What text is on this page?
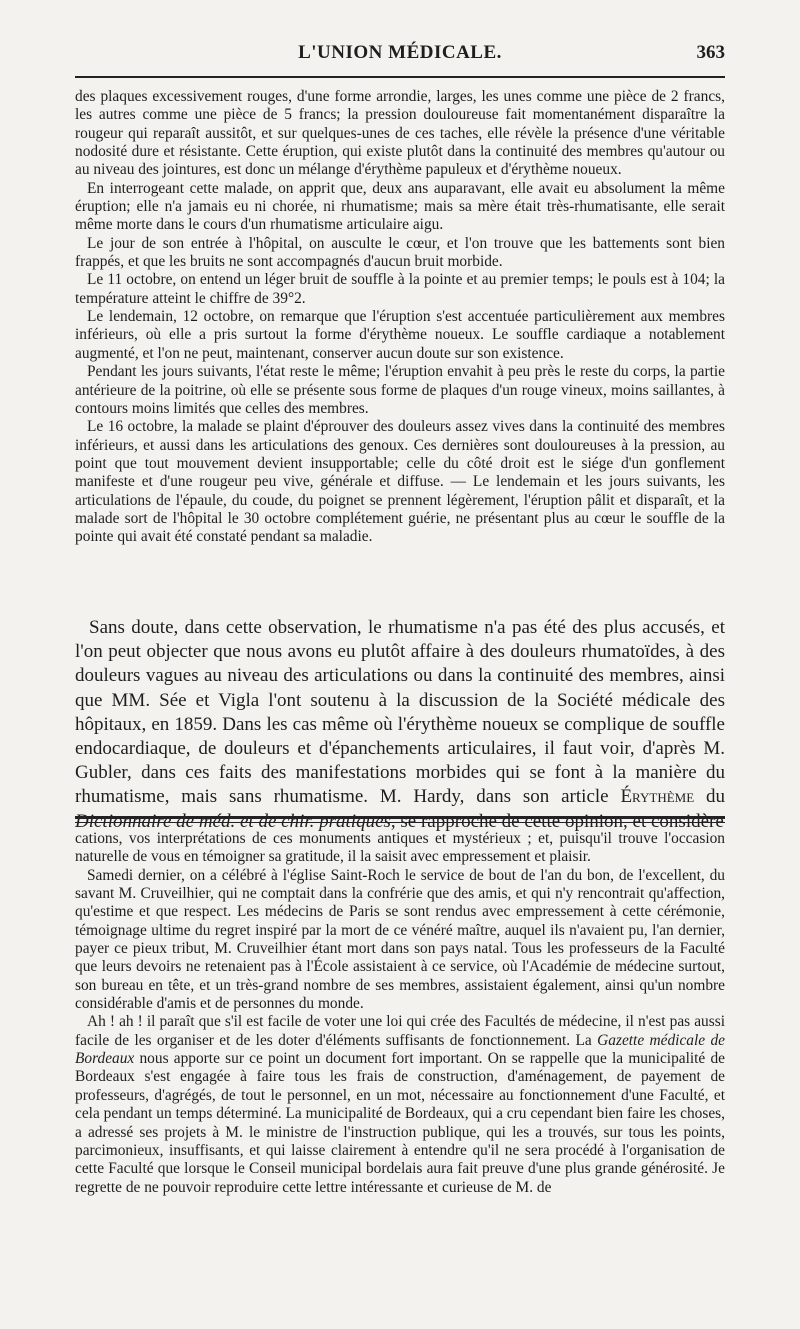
L'UNION MÉDICALE.	363

des plaques excessivement rouges, d'une forme arrondie, larges, les unes comme une pièce de 2 francs, les autres comme une pièce de 5 francs; la pression douloureuse fait momentanément disparaître la rougeur qui reparaît aussitôt, et sur quelques-unes de ces taches, elle révèle la présence d'une véritable nodosité dure et résistante. Cette éruption, qui existe plutôt dans la continuité des membres qu'autour ou au niveau des jointures, est donc un mélange d'érythème papuleux et d'érythème noueux.

En interrogeant cette malade, on apprit que, deux ans auparavant, elle avait eu absolument la même éruption; elle n'a jamais eu ni chorée, ni rhumatisme; mais sa mère était très-rhumatisante, elle serait même morte dans le cours d'un rhumatisme articulaire aigu.

Le jour de son entrée à l'hôpital, on ausculte le cœur, et l'on trouve que les battements sont bien frappés, et que les bruits ne sont accompagnés d'aucun bruit morbide.

Le 11 octobre, on entend un léger bruit de souffle à la pointe et au premier temps; le pouls est à 104; la température atteint le chiffre de 39°2.

Le lendemain, 12 octobre, on remarque que l'éruption s'est accentuée particulièrement aux membres inférieurs, où elle a pris surtout la forme d'érythème noueux. Le souffle cardiaque a notablement augmenté, et l'on ne peut, maintenant, conserver aucun doute sur son existence.

Pendant les jours suivants, l'état reste le même; l'éruption envahit à peu près le reste du corps, la partie antérieure de la poitrine, où elle se présente sous forme de plaques d'un rouge vineux, moins saillantes, à contours moins limités que celles des membres.

Le 16 octobre, la malade se plaint d'éprouver des douleurs assez vives dans la continuité des membres inférieurs, et aussi dans les articulations des genoux. Ces dernières sont douloureuses à la pression, au point que tout mouvement devient insupportable; celle du côté droit est le siége d'un gonflement manifeste et d'une rougeur peu vive, générale et diffuse. — Le lendemain et les jours suivants, les articulations de l'épaule, du coude, du poignet se prennent légèrement, l'éruption pâlit et disparaît, et la malade sort de l'hôpital le 30 octobre complétement guérie, ne présentant plus au cœur le souffle de la pointe qui avait été constaté pendant sa maladie.

Sans doute, dans cette observation, le rhumatisme n'a pas été des plus accusés, et l'on peut objecter que nous avons eu plutôt affaire à des douleurs rhumatoïdes, à des douleurs vagues au niveau des articulations ou dans la continuité des membres, ainsi que MM. Sée et Vigla l'ont soutenu à la discussion de la Société médicale des hôpitaux, en 1859. Dans les cas même où l'érythème noueux se complique de souffle endocardiaque, de douleurs et d'épanchements articulaires, il faut voir, d'après M. Gubler, dans ces faits des manifestations morbides qui se font à la manière du rhumatisme, mais sans rhumatisme. M. Hardy, dans son article Érythème du

cations, vos interprétations de ces monuments antiques et mystérieux ; et, puisqu'il trouve l'occasion naturelle de vous en témoigner sa gratitude, il la saisit avec empressement et plaisir.

Samedi dernier, on a célébré à l'église Saint-Roch le service de bout de l'an du bon, de l'excellent, du savant M. Cruveilhier, qui ne comptait dans la confrérie que des amis, et qui n'y rencontrait qu'affection, qu'estime et que respect. Les médecins de Paris se sont rendus avec empressement à cette cérémonie, témoignage ultime du regret inspiré par la mort de ce vénéré maître, auquel ils n'avaient pu, l'an dernier, payer ce pieux tribut, M. Cruveilhier étant mort dans son pays natal. Tous les professeurs de la Faculté que leurs devoirs ne retenaient pas à l'École assistaient à ce service, où l'Académie de médecine surtout, son bureau en tête, et un très-grand nombre de ses membres, assistaient également, ainsi qu'un nombre considérable d'amis et de personnes du monde.

Ah ! ah ! il paraît que s'il est facile de voter une loi qui crée des Facultés de médecine, il n'est pas aussi facile de les organiser et de les doter d'éléments suffisants de fonctionnement. La Gazette médicale de Bordeaux nous apporte sur ce point un document fort important. On se rappelle que la municipalité de Bordeaux s'est engagée à faire tous les frais de construction, d'aménagement, de payement de professeurs, d'agrégés, de tout le personnel, en un mot, nécessaire au fonctionnement d'une Faculté, et cela pendant un temps déterminé. La municipalité de Bordeaux, qui a cru cependant bien faire les choses, a adressé ses projets à M. le ministre de l'instruction publique, qui les a trouvés, sur tous les points, parcimonieux, insuffisants, et qui laisse clairement à entendre qu'il ne sera procédé à l'organisation de cette Faculté que lorsque le Conseil municipal bordelais aura fait preuve d'une plus grande générosité. Je regrette de ne pouvoir reproduire cette lettre intéressante et curieuse de M. de
